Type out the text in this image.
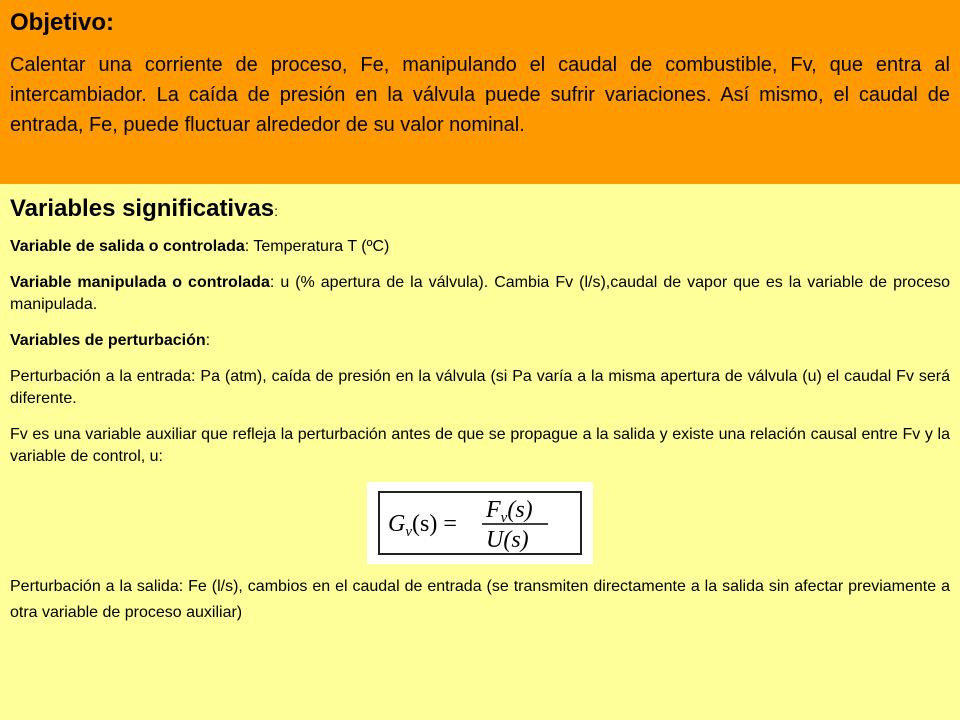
Objetivo:

Calentar una corriente de proceso, Fe, manipulando el caudal de combustible, Fv, que entra al intercambiador. La caída de presión en la válvula puede sufrir variaciones. Así mismo, el caudal de entrada, Fe, puede fluctuar alrededor de su valor nominal.

Variables significativas:

Variable de salida o controlada: Temperatura T (ºC)

Variable manipulada o controlada: u (% apertura de la válvula). Cambia Fv (l/s),caudal de vapor que es la variable de proceso manipulada.

Variables de perturbación:

Perturbación a la entrada: Pa (atm), caída de presión en la válvula (si Pa varía a la misma apertura de válvula (u) el caudal Fv será diferente.

Fv es una variable auxiliar que refleja la perturbación antes de que se propague a la salida y existe una relación causal entre Fv y la variable de control, u:

$G_v(s)$ =
$F_v(s)$
U(s)

Perturbación a la salida: Fe (l/s), cambios en el caudal de entrada (se transmiten directamente a la salida sin afectar previamente a otra variable de proceso auxiliar)
